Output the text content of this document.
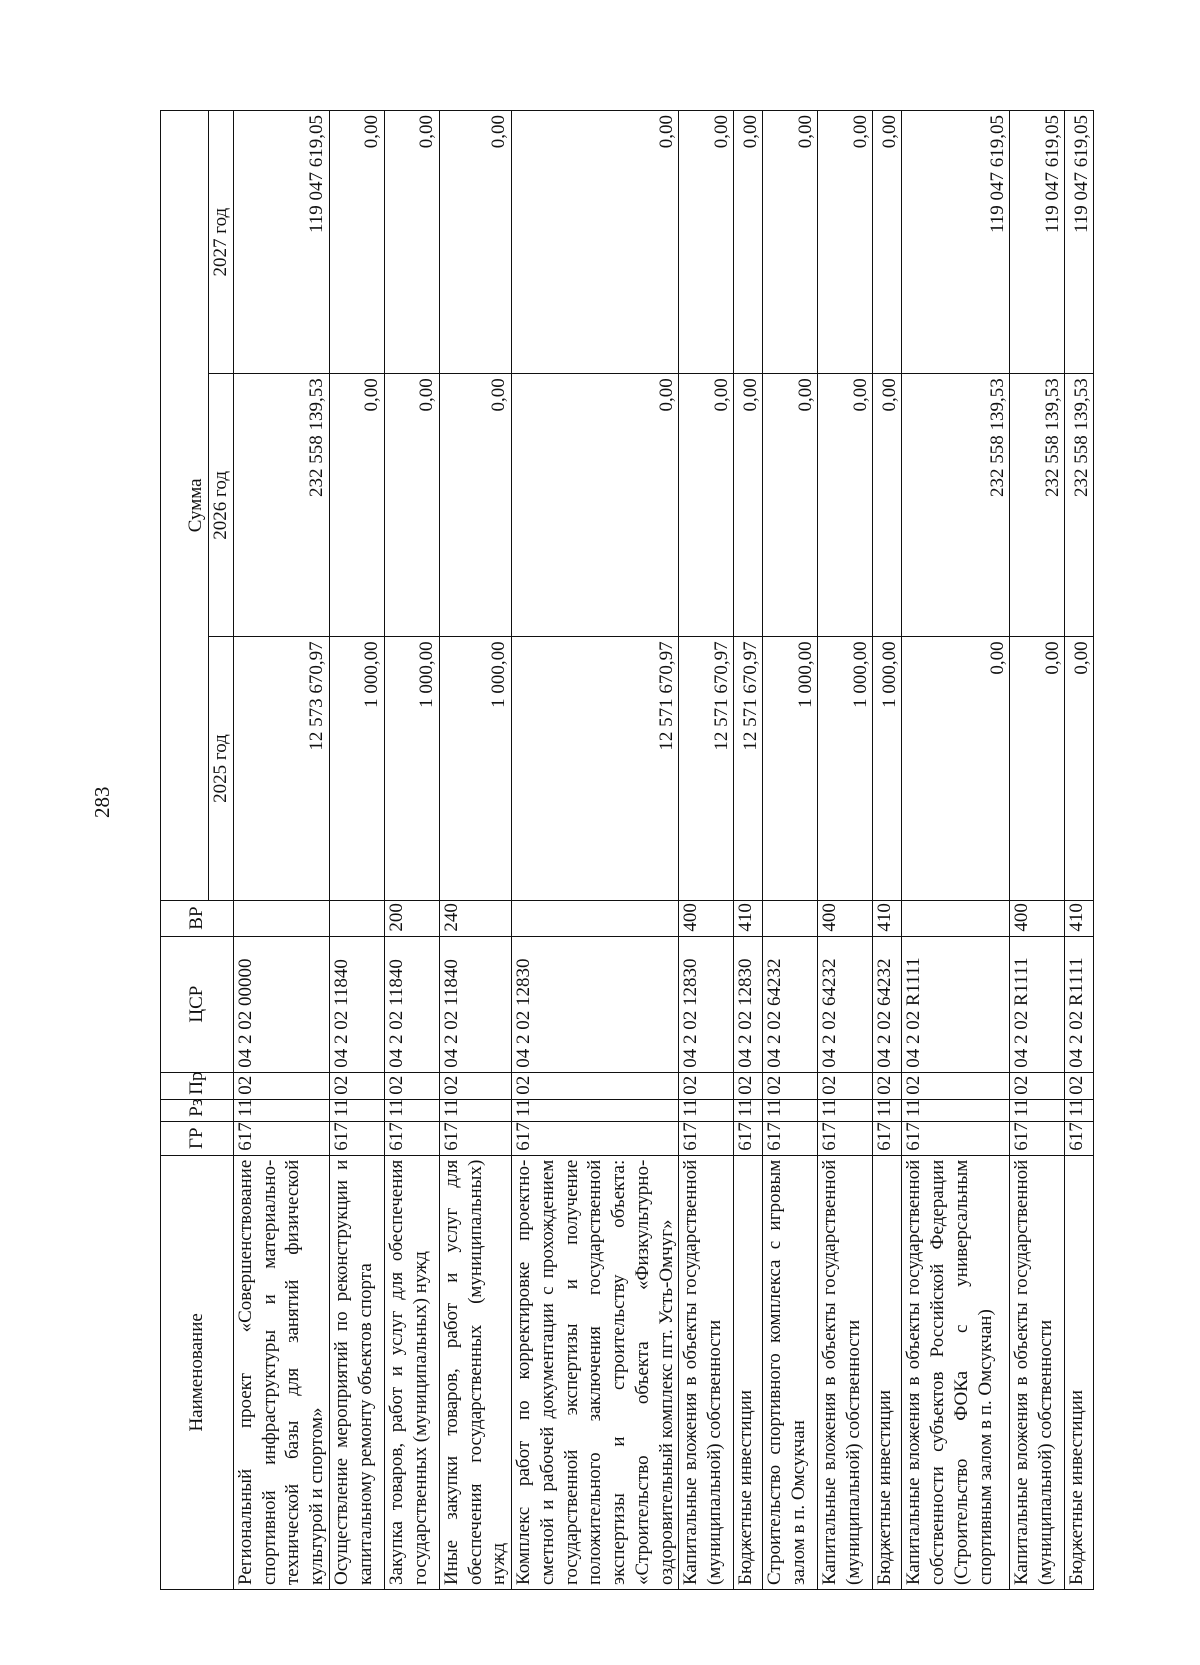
283
Наименование	ГР	Рз	Пр	ЦСР	ВР	Сумма		
						2025 год	2026 год	2027 год
Региональный проект «Совершенствование спортивной инфраструктуры и материально-технической базы для занятий физической культурой и спортом»	617	11	02	04 2 02 00000		12 573 670,97	232 558 139,53	119 047 619,05
Осуществление мероприятий по реконструкции и капитальному ремонту объектов спорта	617	11	02	04 2 02 11840		1 000,00	0,00	0,00
Закупка товаров, работ и услуг для обеспечения государственных (муниципальных) нужд	617	11	02	04 2 02 11840	200	1 000,00	0,00	0,00
Иные закупки товаров, работ и услуг для обеспечения государственных (муниципальных) нужд	617	11	02	04 2 02 11840	240	1 000,00	0,00	0,00
Комплекс работ по корректировке проектно-сметной и рабочей документации с прохождением государственной экспертизы и получение положительного заключения государственной экспертизы и строительству объекта: «Строительство объекта «Физкультурно-оздоровительный комплекс пгт. Усть-Омчуг»	617	11	02	04 2 02 12830		12 571 670,97	0,00	0,00
Капитальные вложения в объекты государственной (муниципальной) собственности	617	11	02	04 2 02 12830	400	12 571 670,97	0,00	0,00
Бюджетные инвестиции	617	11	02	04 2 02 12830	410	12 571 670,97	0,00	0,00
Строительство спортивного комплекса с игровым залом в п. Омсукчан	617	11	02	04 2 02 64232		1 000,00	0,00	0,00
Капитальные вложения в объекты государственной (муниципальной) собственности	617	11	02	04 2 02 64232	400	1 000,00	0,00	0,00
Бюджетные инвестиции	617	11	02	04 2 02 64232	410	1 000,00	0,00	0,00
Капитальные вложения в объекты государственной собственности субъектов Российской Федерации (Строительство ФОКа с универсальным спортивным залом в п. Омсукчан)	617	11	02	04 2 02 R1111		0,00	232 558 139,53	119 047 619,05
Капитальные вложения в объекты государственной (муниципальной) собственности	617	11	02	04 2 02 R1111	400	0,00	232 558 139,53	119 047 619,05
Бюджетные инвестиции	617	11	02	04 2 02 R1111	410	0,00	232 558 139,53	119 047 619,05
